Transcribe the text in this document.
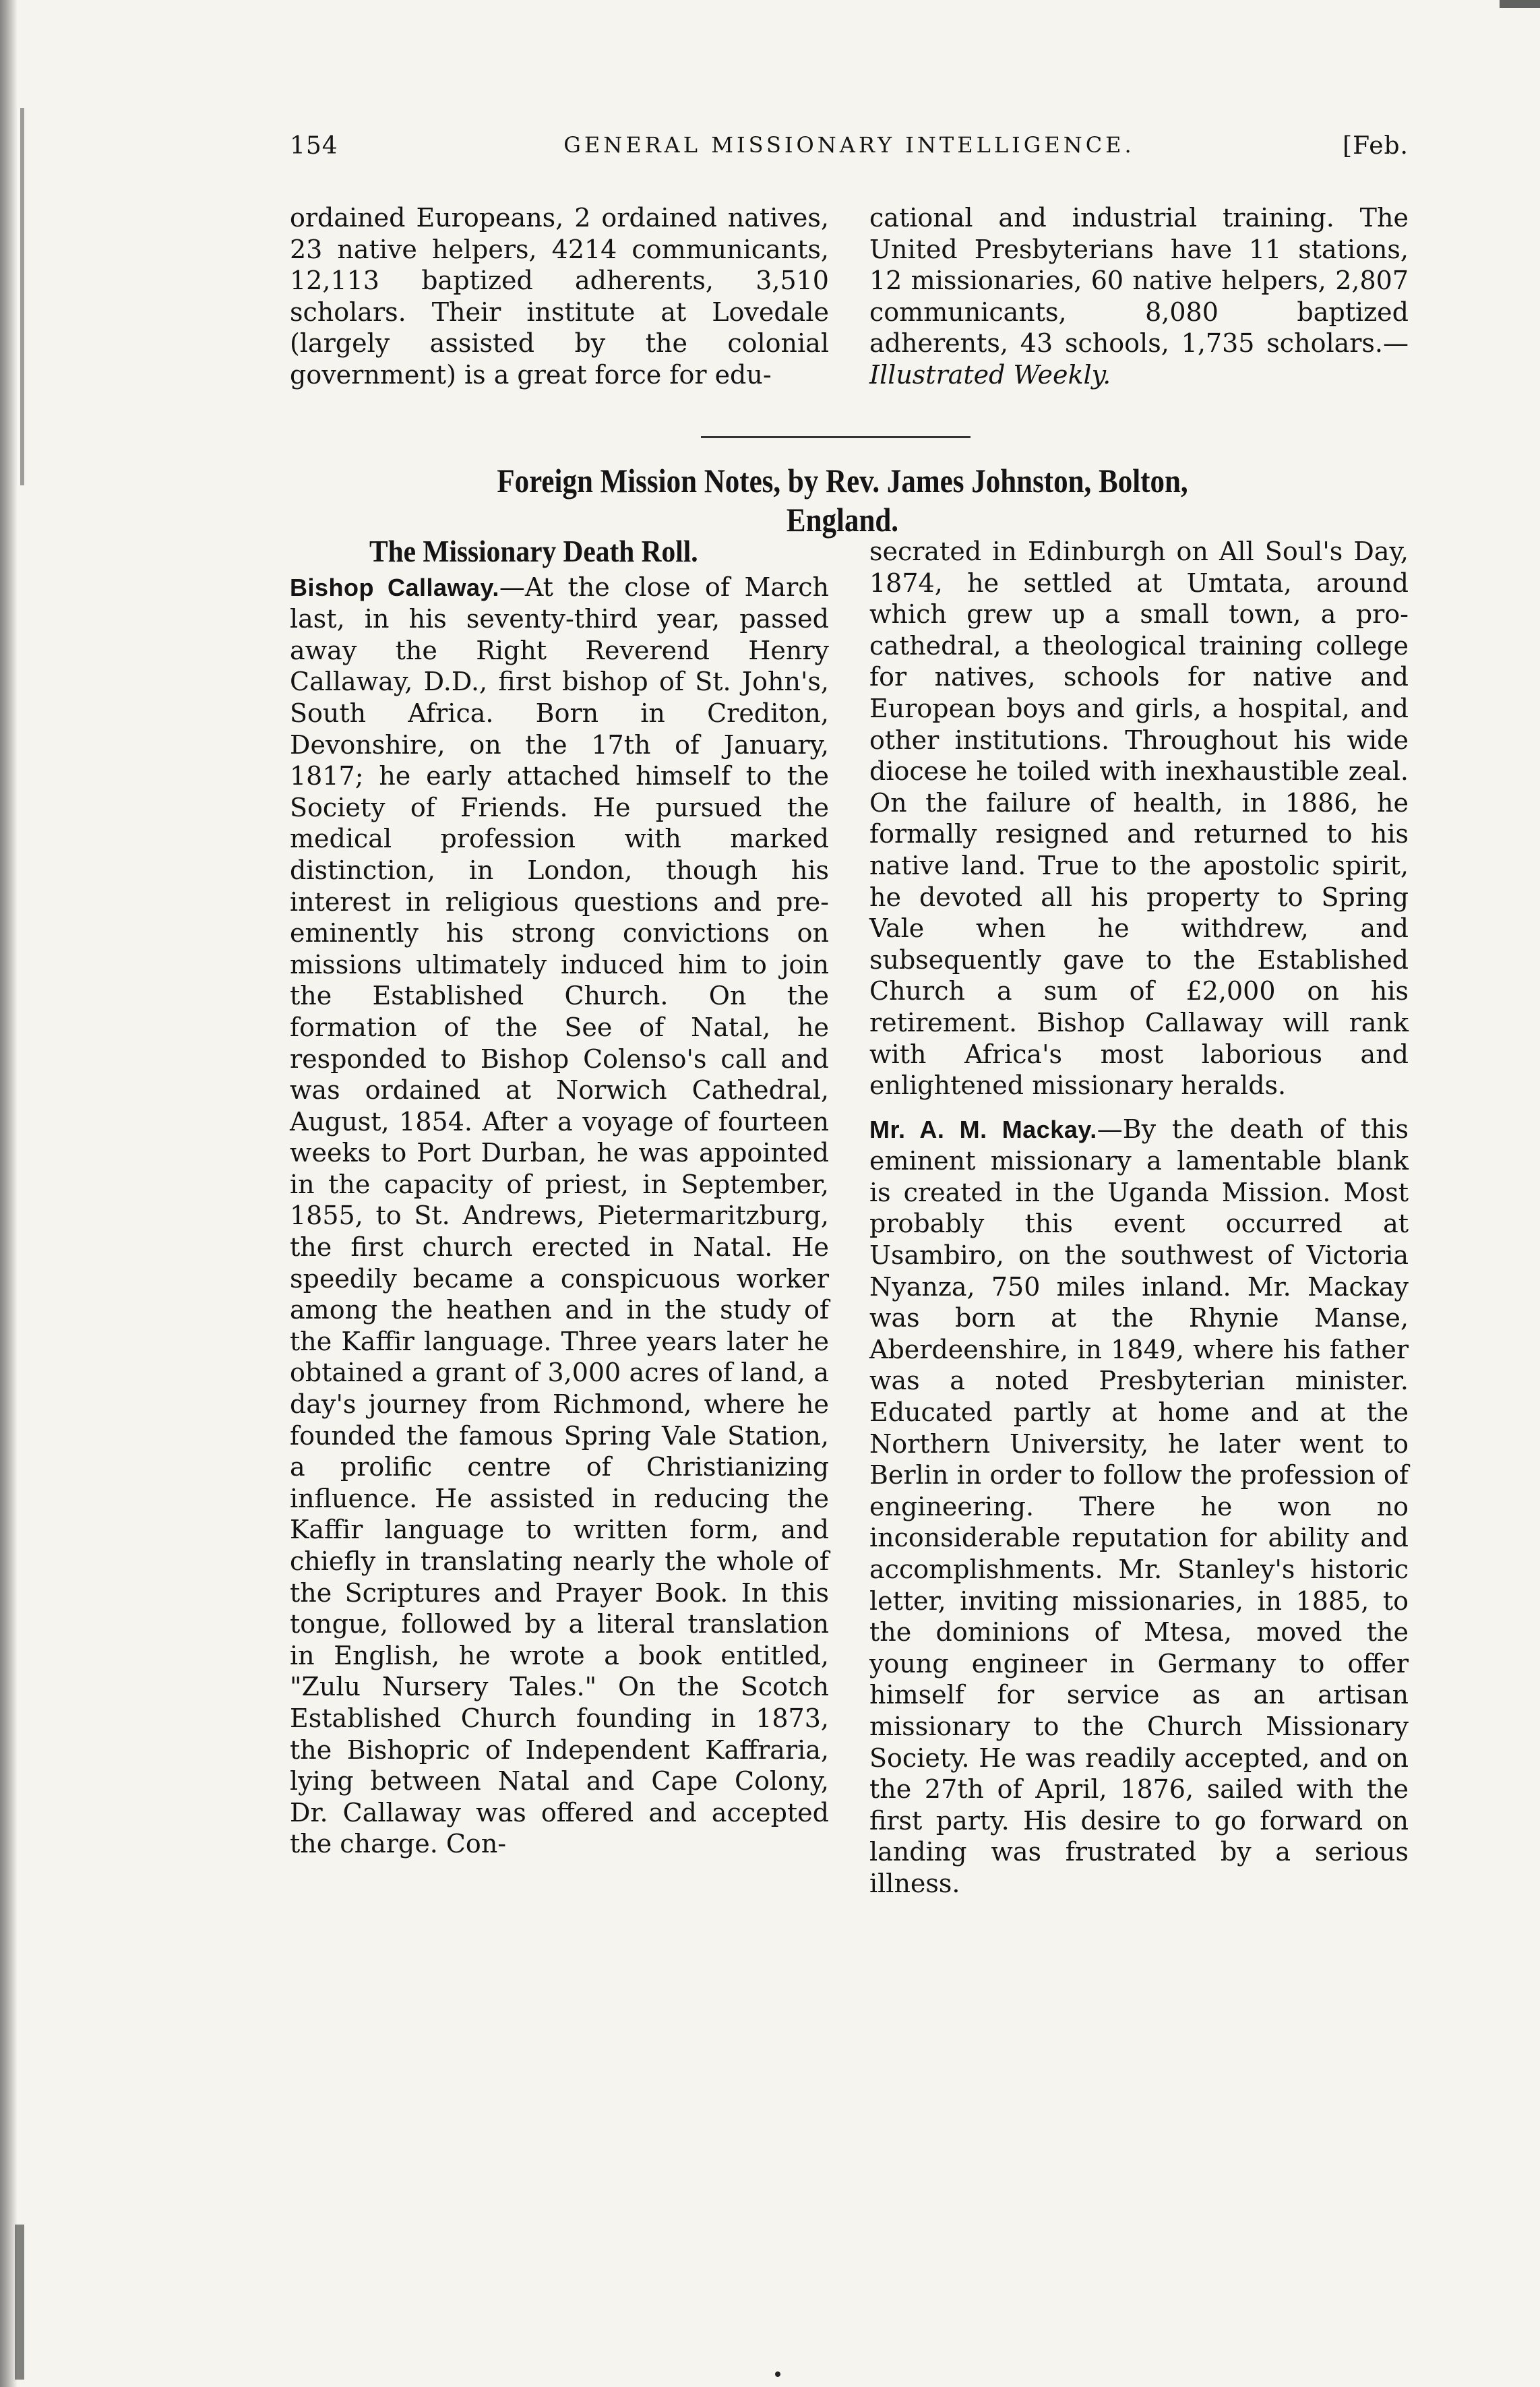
154	GENERAL MISSIONARY INTELLIGENCE.	[Feb.

ordained Europeans, 2 ordained natives, 23 native helpers, 4214 communicants, 12,113 baptized adherents, 3,510 scholars. Their institute at Lovedale (largely assisted by the colonial government) is a great force for edu-

cational and industrial training. The United Presbyterians have 11 stations, 12 missionaries, 60 native helpers, 2,807 communicants, 8,080 baptized adherents, 43 schools, 1,735 scholars.—Illustrated Weekly.

Foreign Mission Notes, by Rev. James Johnston, Bolton, England.
The Missionary Death Roll.

Bishop Callaway.—At the close of March last, in his seventy-third year, passed away the Right Reverend Henry Callaway, D.D., first bishop of St. John's, South Africa. Born in Crediton, Devonshire, on the 17th of January, 1817; he early attached himself to the Society of Friends. He pursued the medical profession with marked distinction, in London, though his interest in religious questions and pre-eminently his strong convictions on missions ultimately induced him to join the Established Church. On the formation of the See of Natal, he responded to Bishop Colenso's call and was ordained at Norwich Cathedral, August, 1854. After a voyage of fourteen weeks to Port Durban, he was appointed in the capacity of priest, in September, 1855, to St. Andrews, Pietermaritzburg, the first church erected in Natal. He speedily became a conspicuous worker among the heathen and in the study of the Kaffir language. Three years later he obtained a grant of 3,000 acres of land, a day's journey from Richmond, where he founded the famous Spring Vale Station, a prolific centre of Christianizing influence. He assisted in reducing the Kaffir language to written form, and chiefly in translating nearly the whole of the Scriptures and Prayer Book. In this tongue, followed by a literal translation in English, he wrote a book entitled, "Zulu Nursery Tales." On the Scotch Established Church founding in 1873, the Bishopric of Independent Kaffraria, lying between Natal and Cape Colony, Dr. Callaway was offered and accepted the charge. Con-

secrated in Edinburgh on All Soul's Day, 1874, he settled at Umtata, around which grew up a small town, a pro-cathedral, a theological training college for natives, schools for native and European boys and girls, a hospital, and other institutions. Throughout his wide diocese he toiled with inexhaustible zeal. On the failure of health, in 1886, he formally resigned and returned to his native land. True to the apostolic spirit, he devoted all his property to Spring Vale when he withdrew, and subsequently gave to the Established Church a sum of £2,000 on his retirement. Bishop Callaway will rank with Africa's most laborious and enlightened missionary heralds.

Mr. A. M. Mackay.—By the death of this eminent missionary a lamentable blank is created in the Uganda Mission. Most probably this event occurred at Usambiro, on the southwest of Victoria Nyanza, 750 miles inland. Mr. Mackay was born at the Rhynie Manse, Aberdeenshire, in 1849, where his father was a noted Presbyterian minister. Educated partly at home and at the Northern University, he later went to Berlin in order to follow the profession of engineering. There he won no inconsiderable reputation for ability and accomplishments. Mr. Stanley's historic letter, inviting missionaries, in 1885, to the dominions of Mtesa, moved the young engineer in Germany to offer himself for service as an artisan missionary to the Church Missionary Society. He was readily accepted, and on the 27th of April, 1876, sailed with the first party. His desire to go forward on landing was frustrated by a serious illness.
